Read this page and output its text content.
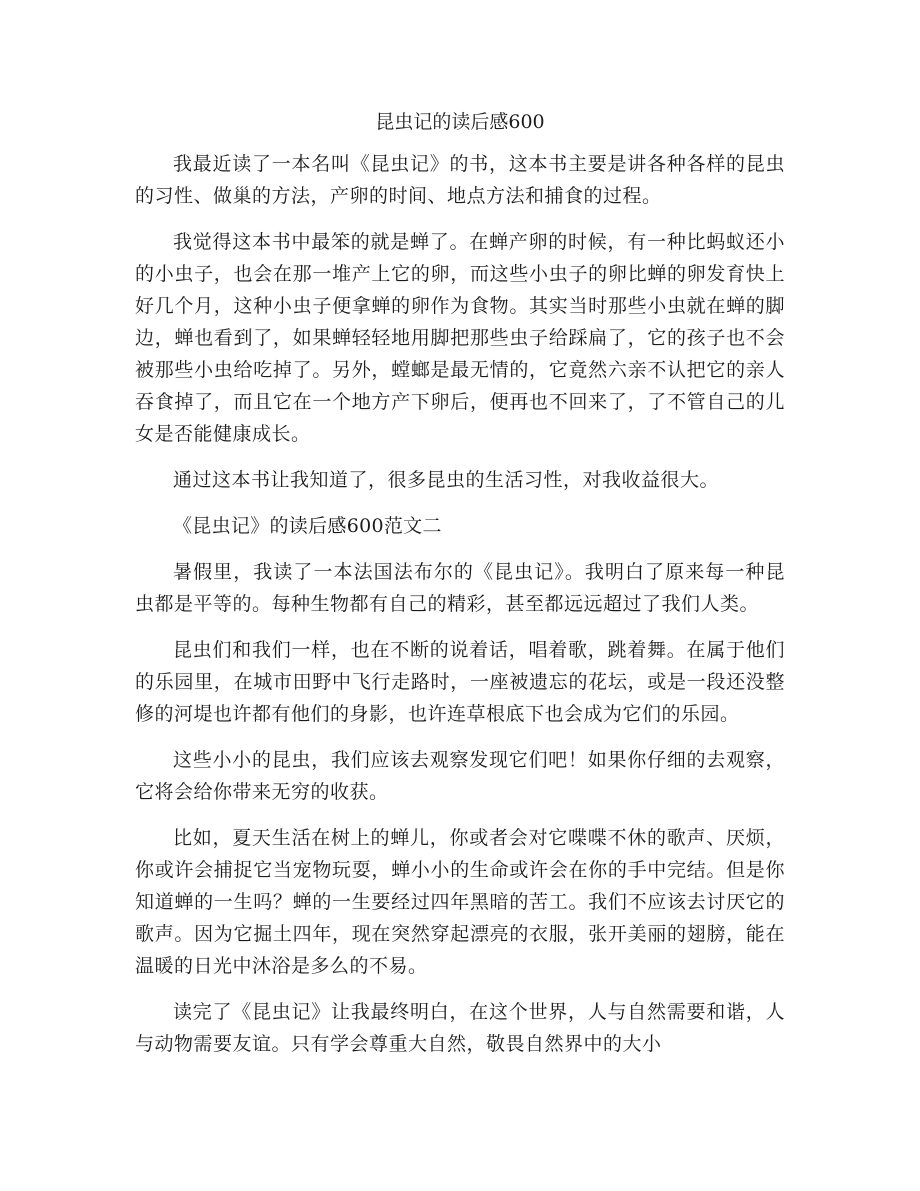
昆虫记的读后感600

我最近读了一本名叫《昆虫记》的书，这本书主要是讲各种各样的昆虫的习性、做巢的方法，产卵的时间、地点方法和捕食的过程。

我觉得这本书中最笨的就是蝉了。在蝉产卵的时候，有一种比蚂蚁还小的小虫子，也会在那一堆产上它的卵，而这些小虫子的卵比蝉的卵发育快上好几个月，这种小虫子便拿蝉的卵作为食物。其实当时那些小虫就在蝉的脚边，蝉也看到了，如果蝉轻轻地用脚把那些虫子给踩扁了，它的孩子也不会被那些小虫给吃掉了。另外，螳螂是最无情的，它竟然六亲不认把它的亲人吞食掉了，而且它在一个地方产下卵后，便再也不回来了，了不管自己的儿女是否能健康成长。

通过这本书让我知道了，很多昆虫的生活习性，对我收益很大。

《昆虫记》的读后感600范文二

暑假里，我读了一本法国法布尔的《昆虫记》。我明白了原来每一种昆虫都是平等的。每种生物都有自己的精彩，甚至都远远超过了我们人类。

昆虫们和我们一样，也在不断的说着话，唱着歌，跳着舞。在属于他们的乐园里，在城市田野中飞行走路时，一座被遗忘的花坛，或是一段还没整修的河堤也许都有他们的身影，也许连草根底下也会成为它们的乐园。

这些小小的昆虫，我们应该去观察发现它们吧！如果你仔细的去观察，它将会给你带来无穷的收获。

比如，夏天生活在树上的蝉儿，你或者会对它喋喋不休的歌声、厌烦，你或许会捕捉它当宠物玩耍，蝉小小的生命或许会在你的手中完结。但是你知道蝉的一生吗？蝉的一生要经过四年黑暗的苦工。我们不应该去讨厌它的歌声。因为它掘土四年，现在突然穿起漂亮的衣服，张开美丽的翅膀，能在温暖的日光中沐浴是多么的不易。

读完了《昆虫记》让我最终明白，在这个世界，人与自然需要和谐，人与动物需要友谊。只有学会尊重大自然，敬畏自然界中的大小
